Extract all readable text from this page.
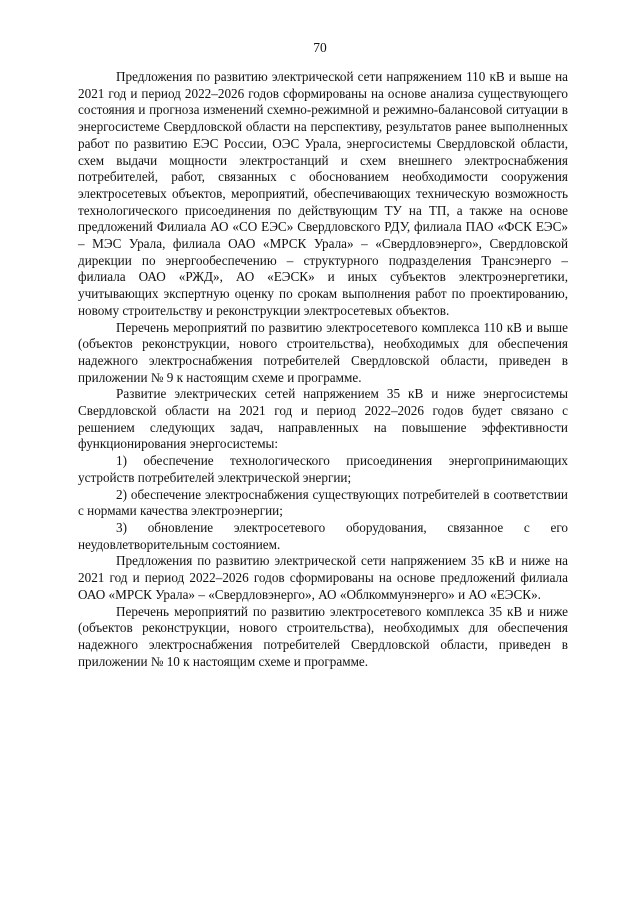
70

Предложения по развитию электрической сети напряжением 110 кВ и выше на 2021 год и период 2022–2026 годов сформированы на основе анализа существующего состояния и прогноза изменений схемно-режимной и режимно-балансовой ситуации в энергосистеме Свердловской области на перспективу, результатов ранее выполненных работ по развитию ЕЭС России, ОЭС Урала, энергосистемы Свердловской области, схем выдачи мощности электростанций и схем внешнего электроснабжения потребителей, работ, связанных с обоснованием необходимости сооружения электросетевых объектов, мероприятий, обеспечивающих техническую возможность технологического присоединения по действующим ТУ на ТП, а также на основе предложений Филиала АО «СО ЕЭС» Свердловского РДУ, филиала ПАО «ФСК ЕЭС» – МЭС Урала, филиала ОАО «МРСК Урала» – «Свердловэнерго», Свердловской дирекции по энергообеспечению – структурного подразделения Трансэнерго – филиала ОАО «РЖД», АО «ЕЭСК» и иных субъектов электроэнергетики, учитывающих экспертную оценку по срокам выполнения работ по проектированию, новому строительству и реконструкции электросетевых объектов.

Перечень мероприятий по развитию электросетевого комплекса 110 кВ и выше (объектов реконструкции, нового строительства), необходимых для обеспечения надежного электроснабжения потребителей Свердловской области, приведен в приложении № 9 к настоящим схеме и программе.

Развитие электрических сетей напряжением 35 кВ и ниже энергосистемы Свердловской области на 2021 год и период 2022–2026 годов будет связано с решением следующих задач, направленных на повышение эффективности функционирования энергосистемы:

1) обеспечение технологического присоединения энергопринимающих устройств потребителей электрической энергии;

2) обеспечение электроснабжения существующих потребителей в соответствии с нормами качества электроэнергии;

3) обновление электросетевого оборудования, связанное с его неудовлетворительным состоянием.

Предложения по развитию электрической сети напряжением 35 кВ и ниже на 2021 год и период 2022–2026 годов сформированы на основе предложений филиала ОАО «МРСК Урала» – «Свердловэнерго», АО «Облкоммунэнерго» и АО «ЕЭСК».

Перечень мероприятий по развитию электросетевого комплекса 35 кВ и ниже (объектов реконструкции, нового строительства), необходимых для обеспечения надежного электроснабжения потребителей Свердловской области, приведен в приложении № 10 к настоящим схеме и программе.
